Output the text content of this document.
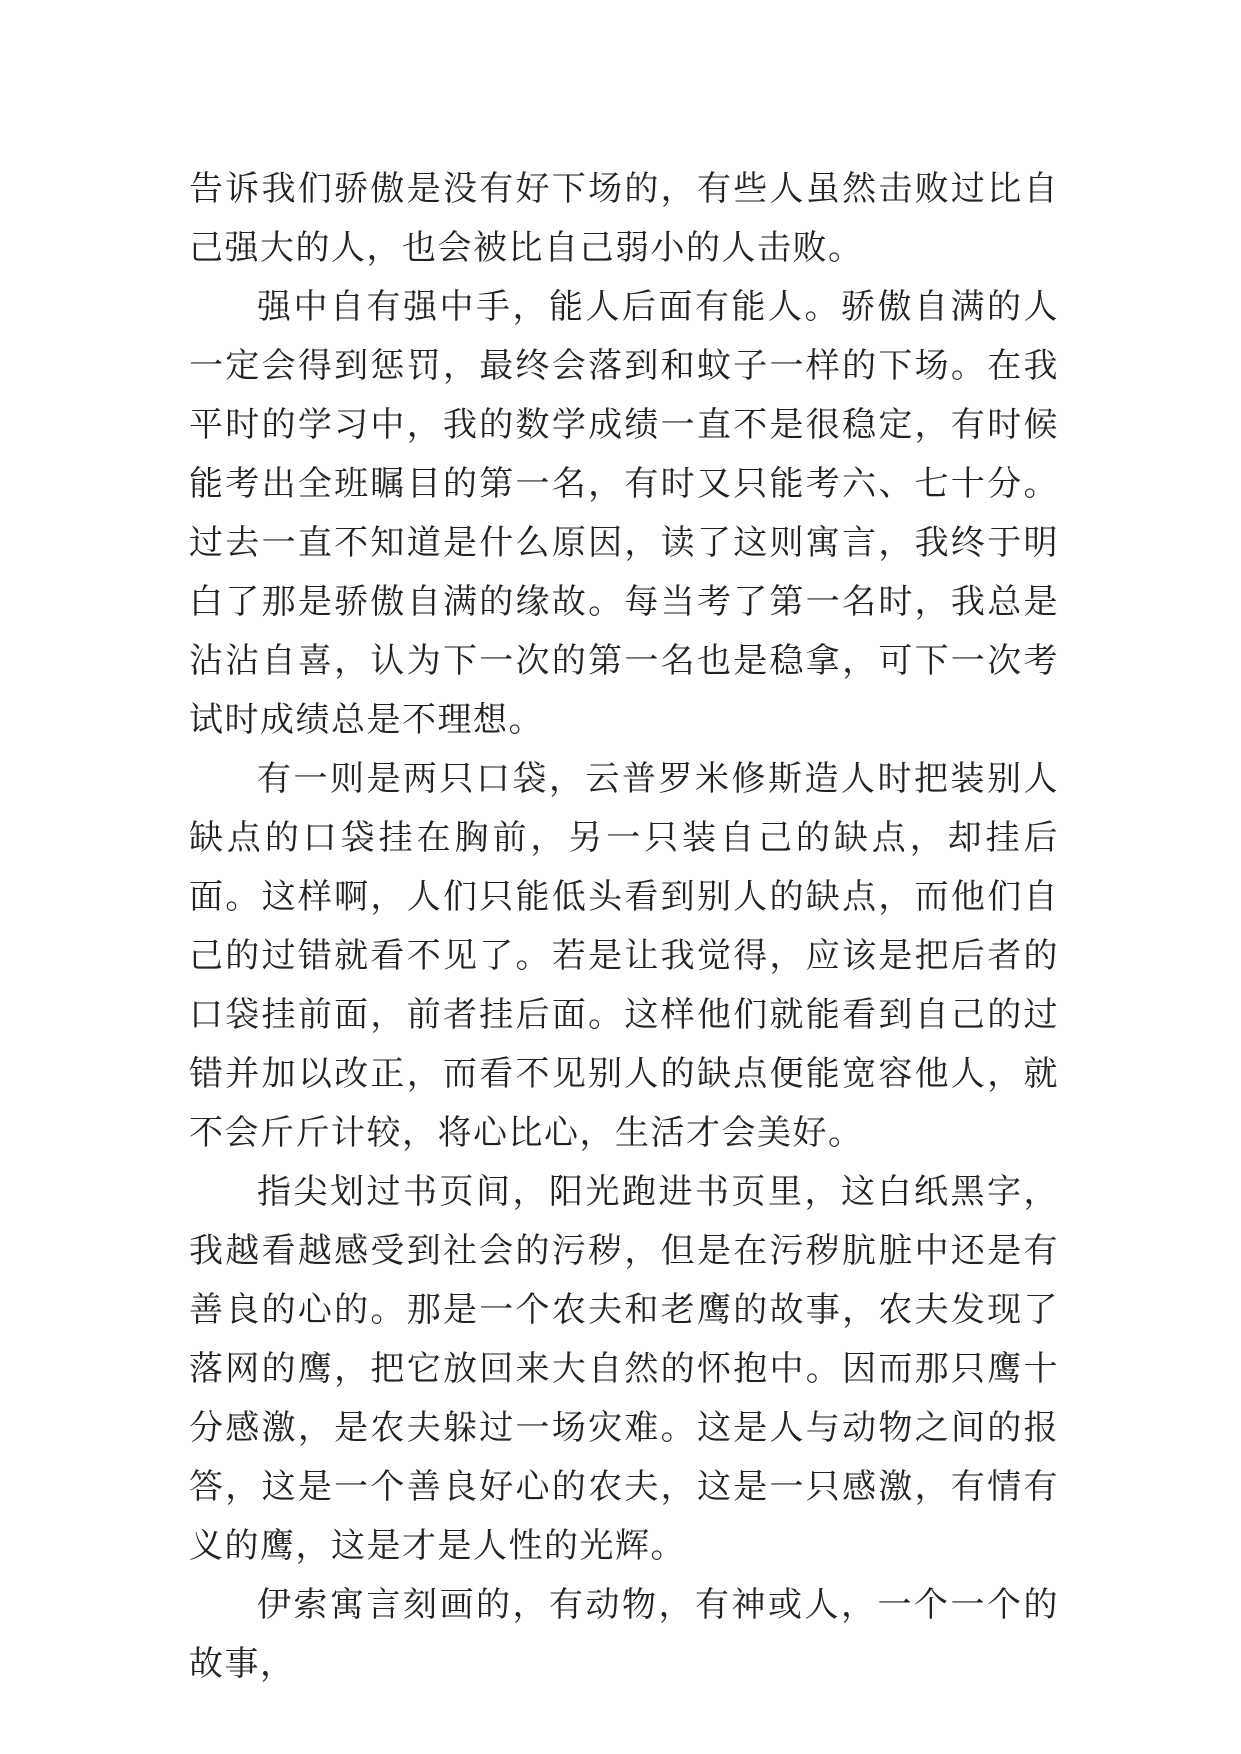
告诉我们骄傲是没有好下场的，有些人虽然击败过比自己强大的人，也会被比自己弱小的人击败。

强中自有强中手，能人后面有能人。骄傲自满的人一定会得到惩罚，最终会落到和蚊子一样的下场。在我平时的学习中，我的数学成绩一直不是很稳定，有时候能考出全班瞩目的第一名，有时又只能考六、七十分。过去一直不知道是什么原因，读了这则寓言，我终于明白了那是骄傲自满的缘故。每当考了第一名时，我总是沾沾自喜，认为下一次的第一名也是稳拿，可下一次考试时成绩总是不理想。

有一则是两只口袋，云普罗米修斯造人时把装别人缺点的口袋挂在胸前，另一只装自己的缺点，却挂后面。这样啊，人们只能低头看到别人的缺点，而他们自己的过错就看不见了。若是让我觉得，应该是把后者的口袋挂前面，前者挂后面。这样他们就能看到自己的过错并加以改正，而看不见别人的缺点便能宽容他人，就不会斤斤计较，将心比心，生活才会美好。

指尖划过书页间，阳光跑进书页里，这白纸黑字，我越看越感受到社会的污秽，但是在污秽肮脏中还是有善良的心的。那是一个农夫和老鹰的故事，农夫发现了落网的鹰，把它放回来大自然的怀抱中。因而那只鹰十分感激，是农夫躲过一场灾难。这是人与动物之间的报答，这是一个善良好心的农夫，这是一只感激，有情有义的鹰，这是才是人性的光辉。

伊索寓言刻画的，有动物，有神或人，一个一个的故事，
